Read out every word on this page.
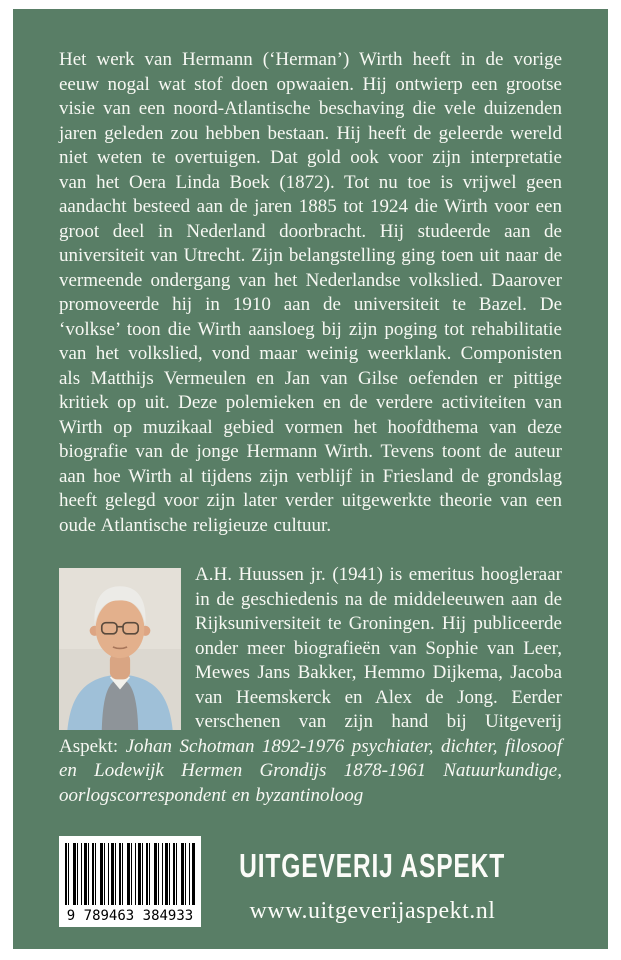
Het werk van Hermann (‘Herman’) Wirth heeft in de vorige eeuw nogal wat stof doen opwaaien. Hij ontwierp een grootse visie van een noord-Atlantische beschaving die vele duizenden jaren geleden zou hebben bestaan. Hij heeft de geleerde wereld niet weten te overtuigen. Dat gold ook voor zijn interpretatie van het Oera Linda Boek (1872). Tot nu toe is vrijwel geen aandacht besteed aan de jaren 1885 tot 1924 die Wirth voor een groot deel in Nederland doorbracht. Hij studeerde aan de universiteit van Utrecht. Zijn belangstelling ging toen uit naar de vermeende ondergang van het Nederlandse volkslied. Daarover promoveerde hij in 1910 aan de universiteit te Bazel. De ‘volkse’ toon die Wirth aansloeg bij zijn poging tot rehabilitatie van het volkslied, vond maar weinig weerklank. Componisten als Matthijs Vermeulen en Jan van Gilse oefenden er pittige kritiek op uit. Deze polemieken en de verdere activiteiten van Wirth op muzikaal gebied vormen het hoofdthema van deze biografie van de jonge Hermann Wirth. Tevens toont de auteur aan hoe Wirth al tijdens zijn verblijf in Friesland de grondslag heeft gelegd voor zijn later verder uitgewerkte theorie van een oude Atlantische religieuze cultuur.

A.H. Huussen jr. (1941) is emeritus hoogleraar in de geschiedenis na de middeleeuwen aan de Rijksuniversiteit te Groningen. Hij publiceerde onder meer biografieën van Sophie van Leer, Mewes Jans Bakker, Hemmo Dijkema, Jacoba van Heemskerck en Alex de Jong. Eerder verschenen van zijn hand bij Uitgeverij Aspekt: Johan Schotman 1892-1976 psychiater, dichter, filosoof en Lodewijk Hermen Grondijs 1878-1961 Natuurkundige, oorlogscorrespondent en byzantinoloog
9 789463 384933
UITGEVERIJ ASPEKT
www.uitgeverijaspekt.nl
